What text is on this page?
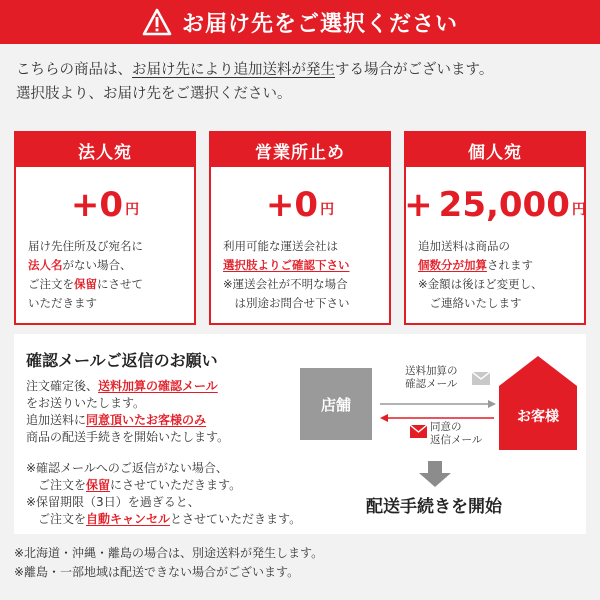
お届け先をご選択ください

こちらの商品は、お届け先により追加送料が発生する場合がございます。

選択肢より、お届け先をご選択ください。

法人宛
+ 0 円

届け先住所及び宛名に

法人名がない場合、

ご注文を保留にさせて

いただきます

営業所止め
+ 0 円

利用可能な運送会社は

選択肢よりご確認下さい

※運送会社が不明な場合

　は別途お問合せ下さい

個人宛
+ 25,000 円

追加送料は商品の

個数分が加算されます

※金額は後ほど変更し、

　ご連絡いたします

確認メールご返信のお願い

注文確定後、送料加算の確認メール

をお送りいたします。

追加送料に同意頂いたお客様のみ

商品の配送手続きを開始いたします。

※確認メールへのご返信がない場合、

　ご注文を保留にさせていただきます。

※保留期限（3日）を過ぎると、

　ご注文を自動キャンセルとさせていただきます。

店舗
送料加算の
確認メール
同意の
返信メール
お客様
配送手続きを開始

※北海道・沖縄・離島の場合は、別途送料が発生します。

※離島・一部地域は配送できない場合がございます。
